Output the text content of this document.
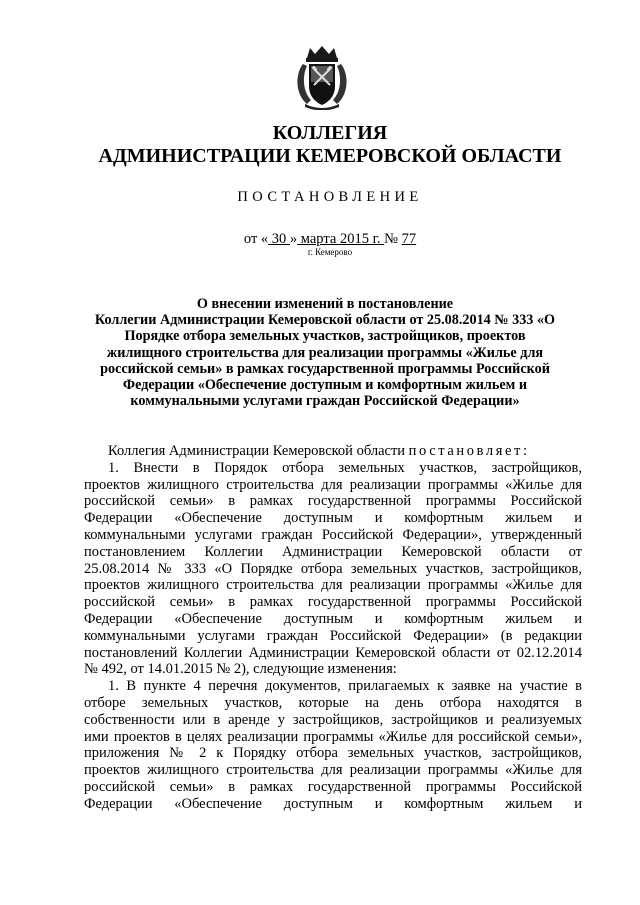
КОЛЛЕГИЯ
АДМИНИСТРАЦИИ КЕМЕРОВСКОЙ ОБЛАСТИ
ПОСТАНОВЛЕНИЕ
от « 30 » марта 2015 г. № 77
г. Кемерово
О внесении изменений в постановление
Коллегии Администрации Кемеровской области от 25.08.2014 № 333 «О
Порядке отбора земельных участков, застройщиков, проектов
жилищного строительства для реализации программы «Жилье для
российской семьи» в рамках государственной программы Российской
Федерации «Обеспечение доступным и комфортным жильем и
коммунальными услугами граждан Российской Федерации»
Коллегия Администрации Кемеровской области постановляет:
1. Внести в Порядок отбора земельных участков, застройщиков,
проектов жилищного строительства для реализации программы «Жилье для
российской семьи» в рамках государственной программы Российской
Федерации «Обеспечение доступным и комфортным жильем и
коммунальными услугами граждан Российской Федерации», утвержденный
постановлением Коллегии Администрации Кемеровской области от
25.08.2014 № 333 «О Порядке отбора земельных участков, застройщиков,
проектов жилищного строительства для реализации программы «Жилье для
российской семьи» в рамках государственной программы Российской
Федерации «Обеспечение доступным и комфортным жильем и
коммунальными услугами граждан Российской Федерации» (в редакции
постановлений Коллегии Администрации Кемеровской области от 02.12.2014
№ 492, от 14.01.2015 № 2), следующие изменения:
1. В пункте 4 перечня документов, прилагаемых к заявке на участие в
отборе земельных участков, которые на день отбора находятся в
собственности или в аренде у застройщиков, застройщиков и реализуемых
ими проектов в целях реализации программы «Жилье для российской семьи»,
приложения № 2 к Порядку отбора земельных участков, застройщиков,
проектов жилищного строительства для реализации программы «Жилье для
российской семьи» в рамках государственной программы Российской
Федерации «Обеспечение доступным и комфортным жильем и
